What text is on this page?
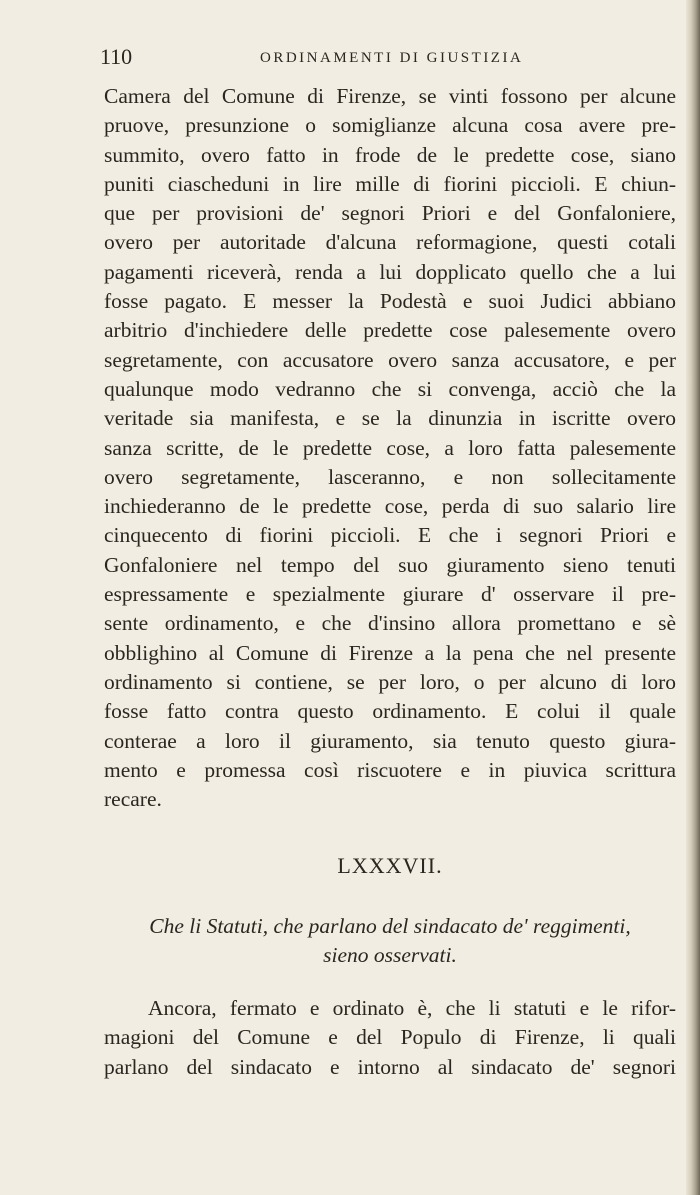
110	ORDINAMENTI DI GIUSTIZIA
Camera del Comune di Firenze, se vinti fossono per alcune
pruove, presunzione o somiglianze alcuna cosa avere pre-
summito, overo fatto in frode de le predette cose, siano
puniti ciascheduni in lire mille di fiorini piccioli. E chiun-
que per provisioni de' segnori Priori e del Gonfaloniere,
overo per autoritade d'alcuna reformagione, questi cotali
pagamenti riceverà, renda a lui dopplicato quello che a lui
fosse pagato. E messer la Podestà e suoi Judici abbiano
arbitrio d'inchiedere delle predette cose palesemente overo
segretamente, con accusatore overo sanza accusatore, e per
qualunque modo vedranno che si convenga, acciò che la
veritade sia manifesta, e se la dinunzia in iscritte overo
sanza scritte, de le predette cose, a loro fatta palesemente
overo segretamente, lasceranno, e non sollecitamente
inchiederanno de le predette cose, perda di suo salario lire
cinquecento di fiorini piccioli. E che i segnori Priori e
Gonfaloniere nel tempo del suo giuramento sieno tenuti
espressamente e spezialmente giurare d' osservare il pre-
sente ordinamento, e che d'insino allora promettano e sè
obblighino al Comune di Firenze a la pena che nel presente
ordinamento si contiene, se per loro, o per alcuno di loro
fosse fatto contra questo ordinamento. E colui il quale
conterae a loro il giuramento, sia tenuto questo giura-
mento e promessa così riscuotere e in piuvica scrittura
recare.
LXXXVII.
Che li Statuti, che parlano del sindacato de' reggimenti,
sieno osservati.
Ancora, fermato e ordinato è, che li statuti e le rifor-
magioni del Comune e del Populo di Firenze, li quali
parlano del sindacato e intorno al sindacato de' segnori
